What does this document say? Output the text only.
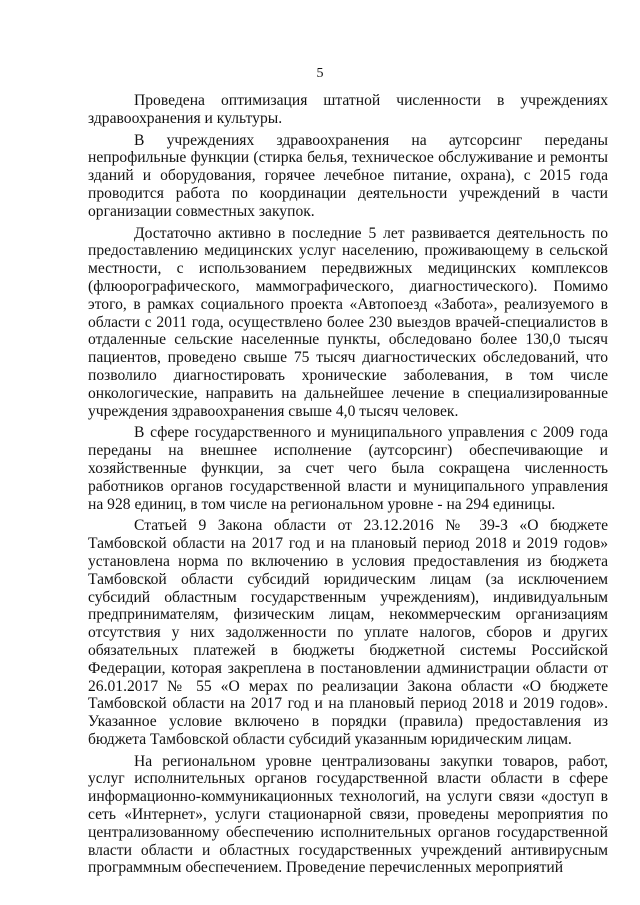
5

Проведена оптимизация штатной численности в учреждениях здравоохранения и культуры.

В учреждениях здравоохранения на аутсорсинг переданы непрофильные функции (стирка белья, техническое обслуживание и ремонты зданий и оборудования, горячее лечебное питание, охрана), с 2015 года проводится работа по координации деятельности учреждений в части организации совместных закупок.

Достаточно активно в последние 5 лет развивается деятельность по предоставлению медицинских услуг населению, проживающему в сельской местности, с использованием передвижных медицинских комплексов (флюорографического, маммографического, диагностического). Помимо этого, в рамках социального проекта «Автопоезд «Забота», реализуемого в области с 2011 года, осуществлено более 230 выездов врачей-специалистов в отдаленные сельские населенные пункты, обследовано более 130,0 тысяч пациентов, проведено свыше 75 тысяч диагностических обследований, что позволило диагностировать хронические заболевания, в том числе онкологические, направить на дальнейшее лечение в специализированные учреждения здравоохранения свыше 4,0 тысяч человек.

В сфере государственного и муниципального управления с 2009 года переданы на внешнее исполнение (аутсорсинг) обеспечивающие и хозяйственные функции, за счет чего была сокращена численность работников органов государственной власти и муниципального управления на 928 единиц, в том числе на региональном уровне - на 294 единицы.

Статьей 9 Закона области от 23.12.2016 № 39-З «О бюджете Тамбовской области на 2017 год и на плановый период 2018 и 2019 годов» установлена норма по включению в условия предоставления из бюджета Тамбовской области субсидий юридическим лицам (за исключением субсидий областным государственным учреждениям), индивидуальным предпринимателям, физическим лицам, некоммерческим организациям отсутствия у них задолженности по уплате налогов, сборов и других обязательных платежей в бюджеты бюджетной системы Российской Федерации, которая закреплена в постановлении администрации области от 26.01.2017 № 55 «О мерах по реализации Закона области «О бюджете Тамбовской области на 2017 год и на плановый период 2018 и 2019 годов». Указанное условие включено в порядки (правила) предоставления из бюджета Тамбовской области субсидий указанным юридическим лицам.

На региональном уровне централизованы закупки товаров, работ, услуг исполнительных органов государственной власти области в сфере информационно-коммуникационных технологий, на услуги связи «доступ в сеть «Интернет», услуги стационарной связи, проведены мероприятия по централизованному обеспечению исполнительных органов государственной власти области и областных государственных учреждений антивирусным программным обеспечением. Проведение перечисленных мероприятий
